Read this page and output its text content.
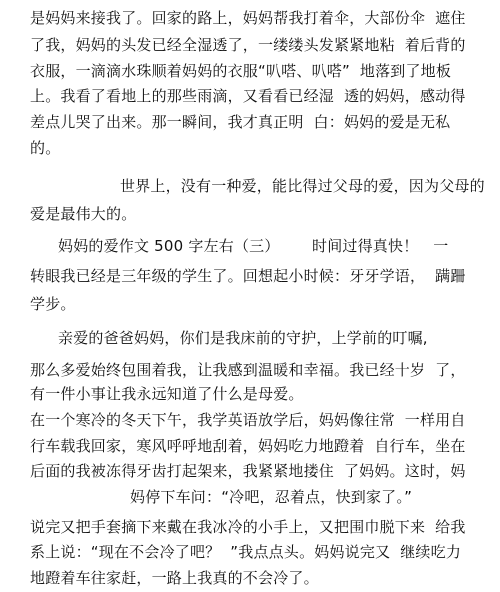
是妈妈来接我了。回家的路上，妈妈帮我打着伞，大部份伞  遮住
了我，妈妈的头发已经全湿透了，一缕缕头发紧紧地粘  着后背的
衣服，一滴滴水珠顺着妈妈的衣服“叭嗒、叭嗒”  地落到了地板
上。我看了看地上的那些雨滴，又看看已经湿  透的妈妈，感动得
差点儿哭了出来。那一瞬间，我才真正明  白：妈妈的爱是无私
的。
世界上，没有一种爱，能比得过父母的爱，因为父母的
爱是最伟大的。
妈妈的爱作文 500 字左右（三） 时间过得真快！   一
转眼我已经是三年级的学生了。回想起小时候：牙牙学语，  蹒跚
学步。
亲爱的爸爸妈妈，你们是我床前的守护，上学前的叮嘱,
那么多爱始终包围着我，让我感到温暖和幸福。我已经十岁  了，
有一件小事让我永远知道了什么是母爱。
在一个寒冷的冬天下午，我学英语放学后，妈妈像往常  一样用自
行车载我回家，寒风呼呼地刮着，妈妈吃力地蹬着  自行车，坐在
后面的我被冻得牙齿打起架来，我紧紧地搂住  了妈妈。这时，妈
妈停下车问：“冷吧，忍着点，快到家了。”
说完又把手套摘下来戴在我冰冷的小手上，又把围巾脱下来  给我
系上说：“现在不会冷了吧？  ”我点点头。妈妈说完又  继续吃力
地蹬着车往家赶，一路上我真的不会冷了。
